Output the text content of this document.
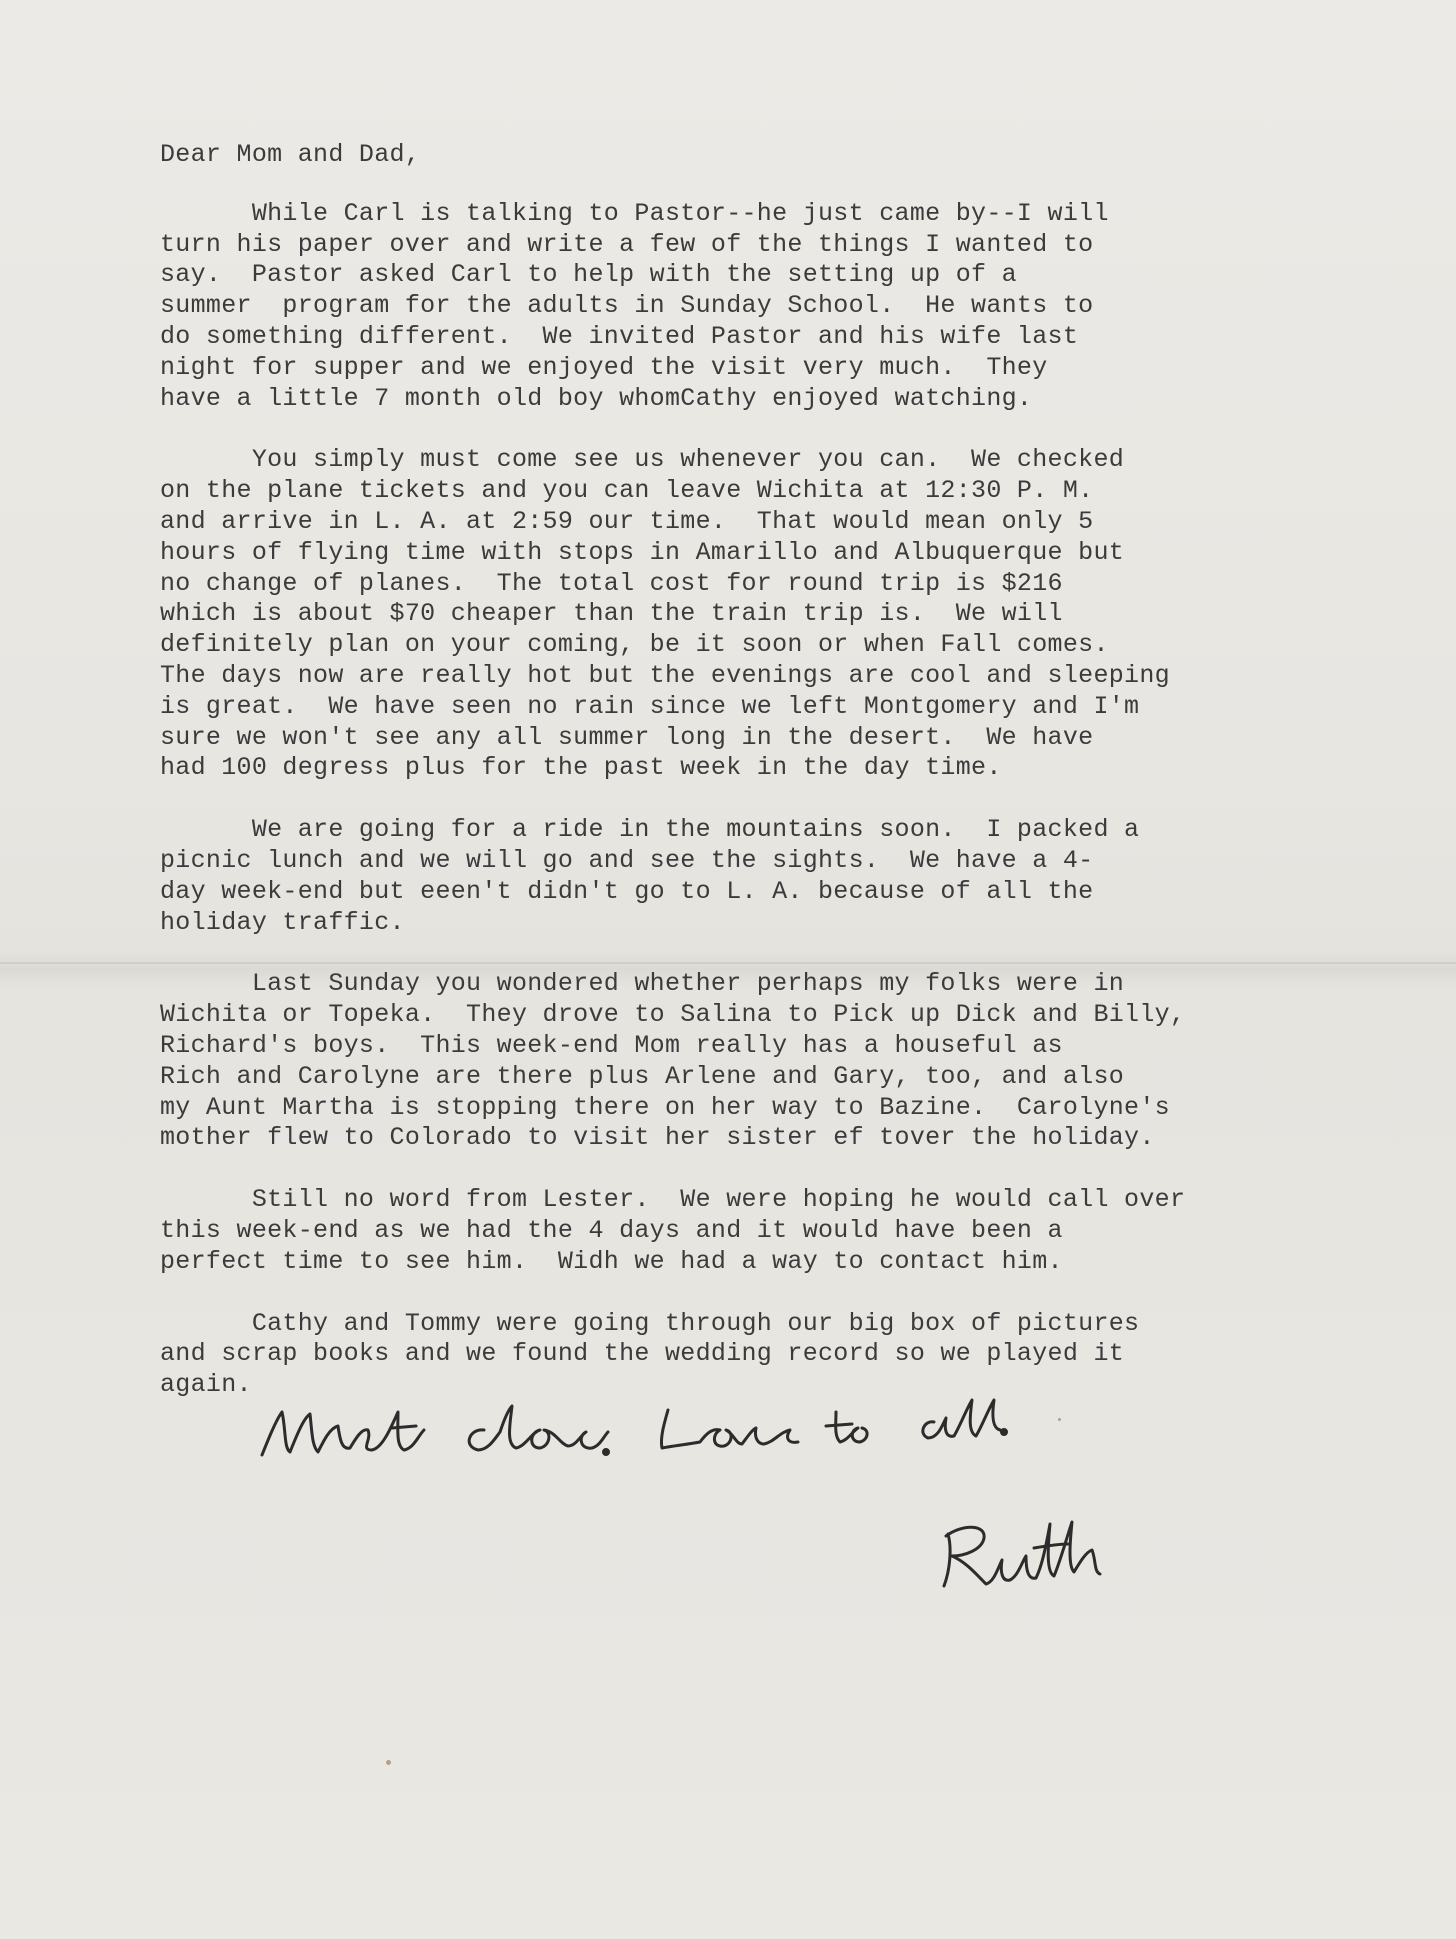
Dear Mom and Dad,
While Carl is talking to Pastor--he just came by--I will
turn his paper over and write a few of the things I wanted to
say.  Pastor asked Carl to help with the setting up of a
summer  program for the adults in Sunday School.  He wants to
do something different.  We invited Pastor and his wife last
night for supper and we enjoyed the visit very much.  They
have a little 7 month old boy whomCathy enjoyed watching.
You simply must come see us whenever you can.  We checked
on the plane tickets and you can leave Wichita at 12:30 P. M.
and arrive in L. A. at 2:59 our time.  That would mean only 5
hours of flying time with stops in Amarillo and Albuquerque but
no change of planes.  The total cost for round trip is $216
which is about $70 cheaper than the train trip is.  We will
definitely plan on your coming, be it soon or when Fall comes.
The days now are really hot but the evenings are cool and sleeping
is great.  We have seen no rain since we left Montgomery and I'm
sure we won't see any all summer long in the desert.  We have
had 100 degress plus for the past week in the day time.
We are going for a ride in the mountains soon.  I packed a
picnic lunch and we will go and see the sights.  We have a 4-
day week-end but eeen't didn't go to L. A. because of all the
holiday traffic.
Last Sunday you wondered whether perhaps my folks were in
Wichita or Topeka.  They drove to Salina to Pick up Dick and Billy,
Richard's boys.  This week-end Mom really has a houseful as
Rich and Carolyne are there plus Arlene and Gary, too, and also
my Aunt Martha is stopping there on her way to Bazine.  Carolyne's
mother flew to Colorado to visit her sister ef tover the holiday.
Still no word from Lester.  We were hoping he would call over
this week-end as we had the 4 days and it would have been a
perfect time to see him.  Widh we had a way to contact him.
Cathy and Tommy were going through our big box of pictures
and scrap books and we found the wedding record so we played it
again.
